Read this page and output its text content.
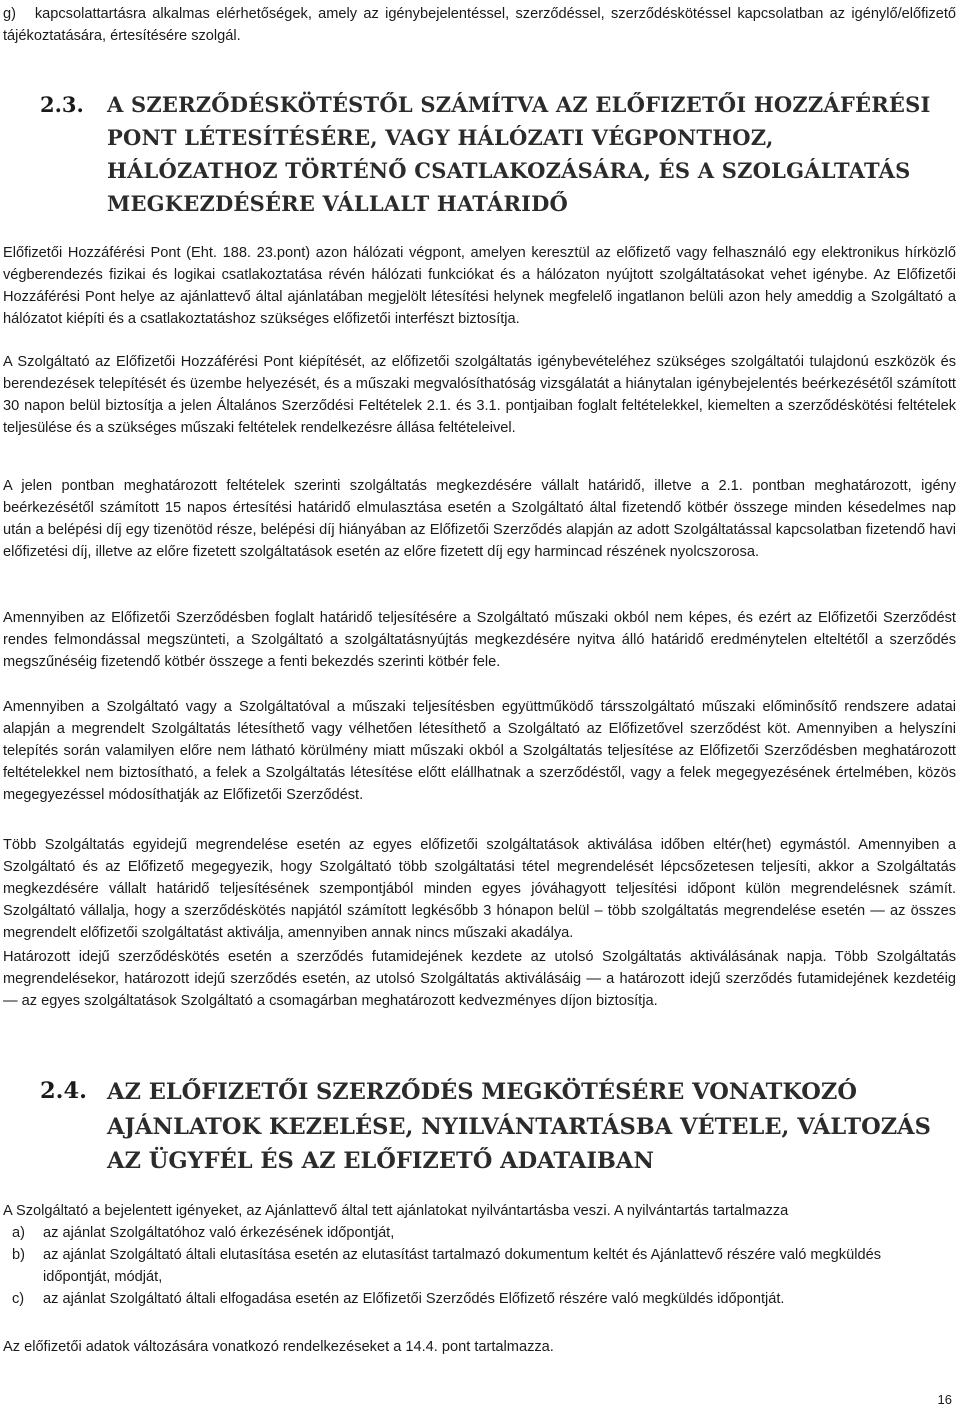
g)   kapcsolattartásra alkalmas elérhetőségek, amely az igénybejelentéssel, szerződéssel, szerződéskötéssel kapcsolatban az igénylő/előfizető tájékoztatására, értesítésére szolgál.

2.3. A SZERZŐDÉSKÖTÉSTŐL SZÁMÍTVA AZ ELŐFIZETŐI HOZZÁFÉRÉSI PONT LÉTESÍTÉSÉRE, VAGY HÁLÓZATI VÉGPONTHOZ, HÁLÓZATHOZ TÖRTÉNŐ CSATLAKOZÁSÁRA, ÉS A SZOLGÁLTATÁS MEGKEZDÉSÉRE VÁLLALT HATÁRIDŐ

Előfizetői Hozzáférési Pont (Eht. 188. 23.pont) azon hálózati végpont, amelyen keresztül az előfizető vagy felhasználó egy elektronikus hírközlő végberendezés fizikai és logikai csatlakoztatása révén hálózati funkciókat és a hálózaton nyújtott szolgáltatásokat vehet igénybe. Az Előfizetői Hozzáférési Pont helye az ajánlattevő által ajánlatában megjelölt létesítési helynek megfelelő ingatlanon belüli azon hely ameddig a Szolgáltató a hálózatot kiépíti és a csatlakoztatáshoz szükséges előfizetői interfészt biztosítja.

A Szolgáltató az Előfizetői Hozzáférési Pont kiépítését, az előfizetői szolgáltatás igénybevételéhez szükséges szolgáltatói tulajdonú eszközök és berendezések telepítését és üzembe helyezését, és a műszaki megvalósíthatóság vizsgálatát a hiánytalan igénybejelentés beérkezésétől számított 30 napon belül biztosítja a jelen Általános Szerződési Feltételek 2.1. és 3.1. pontjaiban foglalt feltételekkel, kiemelten a szerződéskötési feltételek teljesülése és a szükséges műszaki feltételek rendelkezésre állása feltételeivel.

A jelen pontban meghatározott feltételek szerinti szolgáltatás megkezdésére vállalt határidő, illetve a 2.1. pontban meghatározott, igény beérkezésétől számított 15 napos értesítési határidő elmulasztása esetén a Szolgáltató által fizetendő kötbér összege minden késedelmes nap után a belépési díj egy tizenötöd része, belépési díj hiányában az Előfizetői Szerződés alapján az adott Szolgáltatással kapcsolatban fizetendő havi előfizetési díj, illetve az előre fizetett szolgáltatások esetén az előre fizetett díj egy harmincad részének nyolcszorosa.

Amennyiben az Előfizetői Szerződésben foglalt határidő teljesítésére a Szolgáltató műszaki okból nem képes, és ezért az Előfizetői Szerződést rendes felmondással megszünteti, a Szolgáltató a szolgáltatásnyújtás megkezdésére nyitva álló határidő eredménytelen elteltétől a szerződés megszűnéséig fizetendő kötbér összege a fenti bekezdés szerinti kötbér fele.

Amennyiben a Szolgáltató vagy a Szolgáltatóval a műszaki teljesítésben együttműködő társszolgáltató műszaki előminősítő rendszere adatai alapján a megrendelt Szolgáltatás létesíthető vagy vélhetően létesíthető a Szolgáltató az Előfizetővel szerződést köt. Amennyiben a helyszíni telepítés során valamilyen előre nem látható körülmény miatt műszaki okból a Szolgáltatás teljesítése az Előfizetői Szerződésben meghatározott feltételekkel nem biztosítható, a felek a Szolgáltatás létesítése előtt elállhatnak a szerződéstől, vagy a felek megegyezésének értelmében, közös megegyezéssel módosíthatják az Előfizetői Szerződést.

Több Szolgáltatás egyidejű megrendelése esetén az egyes előfizetői szolgáltatások aktiválása időben eltér(het) egymástól. Amennyiben a Szolgáltató és az Előfizető megegyezik, hogy Szolgáltató több szolgáltatási tétel megrendelését lépcsőzetesen teljesíti, akkor a Szolgáltatás megkezdésére vállalt határidő teljesítésének szempontjából minden egyes jóváhagyott teljesítési időpont külön megrendelésnek számít. Szolgáltató vállalja, hogy a szerződéskötés napjától számított legkésőbb 3 hónapon belül – több szolgáltatás megrendelése esetén — az összes megrendelt előfizetői szolgáltatást aktiválja, amennyiben annak nincs műszaki akadálya.

Határozott idejű szerződéskötés esetén a szerződés futamidejének kezdete az utolsó Szolgáltatás aktiválásának napja. Több Szolgáltatás megrendelésekor, határozott idejű szerződés esetén, az utolsó Szolgáltatás aktiválásáig — a határozott idejű szerződés futamidejének kezdetéig — az egyes szolgáltatások Szolgáltató a csomagárban meghatározott kedvezményes díjon biztosítja.

2.4. AZ ELŐFIZETŐI SZERZŐDÉS MEGKÖTÉSÉRE VONATKOZÓ AJÁNLATOK KEZELÉSE, NYILVÁNTARTÁSBA VÉTELE, VÁLTOZÁS AZ ÜGYFÉL ÉS AZ ELŐFIZETŐ ADATAIBAN

A Szolgáltató a bejelentett igényeket, az Ajánlattevő által tett ajánlatokat nyilvántartásba veszi. A nyilvántartás tartalmazza

a) az ajánlat Szolgáltatóhoz való érkezésének időpontját,
b) az ajánlat Szolgáltató általi elutasítása esetén az elutasítást tartalmazó dokumentum keltét és Ajánlattevő részére való megküldés időpontját, módját,
c) az ajánlat Szolgáltató általi elfogadása esetén az Előfizetői Szerződés Előfizető részére való megküldés időpontját.

Az előfizetői adatok változására vonatkozó rendelkezéseket a 14.4. pont tartalmazza.

16
